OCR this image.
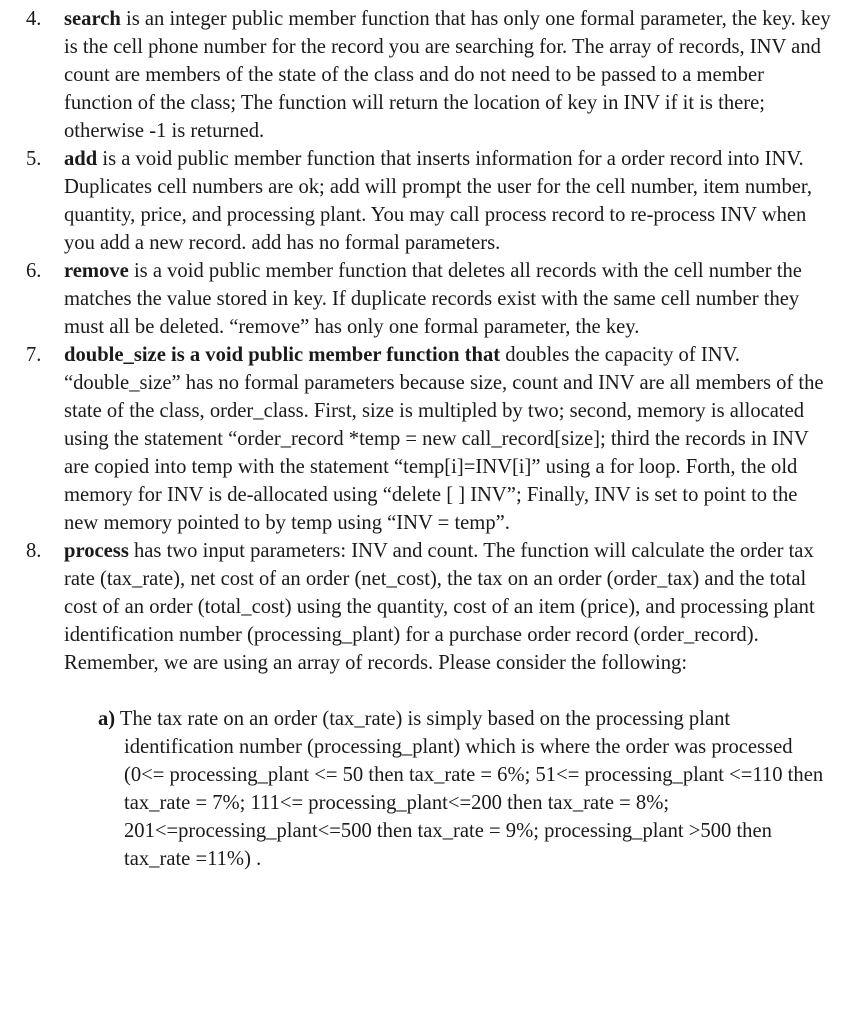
4. search is an integer public member function that has only one formal parameter, the key. key is the cell phone number for the record you are searching for. The array of records, INV and count are members of the state of the class and do not need to be passed to a member function of the class; The function will return the location of key in INV if it is there; otherwise -1 is returned.
5. add is a void public member function that inserts information for a order record into INV. Duplicates cell numbers are ok; add will prompt the user for the cell number, item number, quantity, price, and processing plant. You may call process record to re-process INV when you add a new record. add has no formal parameters.
6. remove is a void public member function that deletes all records with the cell number the matches the value stored in key. If duplicate records exist with the same cell number they must all be deleted. “remove” has only one formal parameter, the key.
7. double_size is a void public member function that doubles the capacity of INV. “double_size” has no formal parameters because size, count and INV are all members of the state of the class, order_class. First, size is multipled by two; second, memory is allocated using the statement “order_record *temp = new call_record[size]; third the records in INV are copied into temp with the statement “temp[i]=INV[i]” using a for loop. Forth, the old memory for INV is de-allocated using “delete [ ] INV”; Finally, INV is set to point to the new memory pointed to by temp using “INV = temp”.
8. process has two input parameters: INV and count. The function will calculate the order tax rate (tax_rate), net cost of an order (net_cost), the tax on an order (order_tax) and the total cost of an order (total_cost) using the quantity, cost of an item (price), and processing plant identification number (processing_plant) for a purchase order record (order_record). Remember, we are using an array of records. Please consider the following:
a) The tax rate on an order (tax_rate) is simply based on the processing plant identification number (processing_plant) which is where the order was processed (0<= processing_plant <= 50 then tax_rate = 6%; 51<= processing_plant <=110 then tax_rate = 7%; 111<= processing_plant<=200 then tax_rate = 8%; 201<=processing_plant<=500 then tax_rate = 9%; processing_plant >500 then tax_rate =11%) .
